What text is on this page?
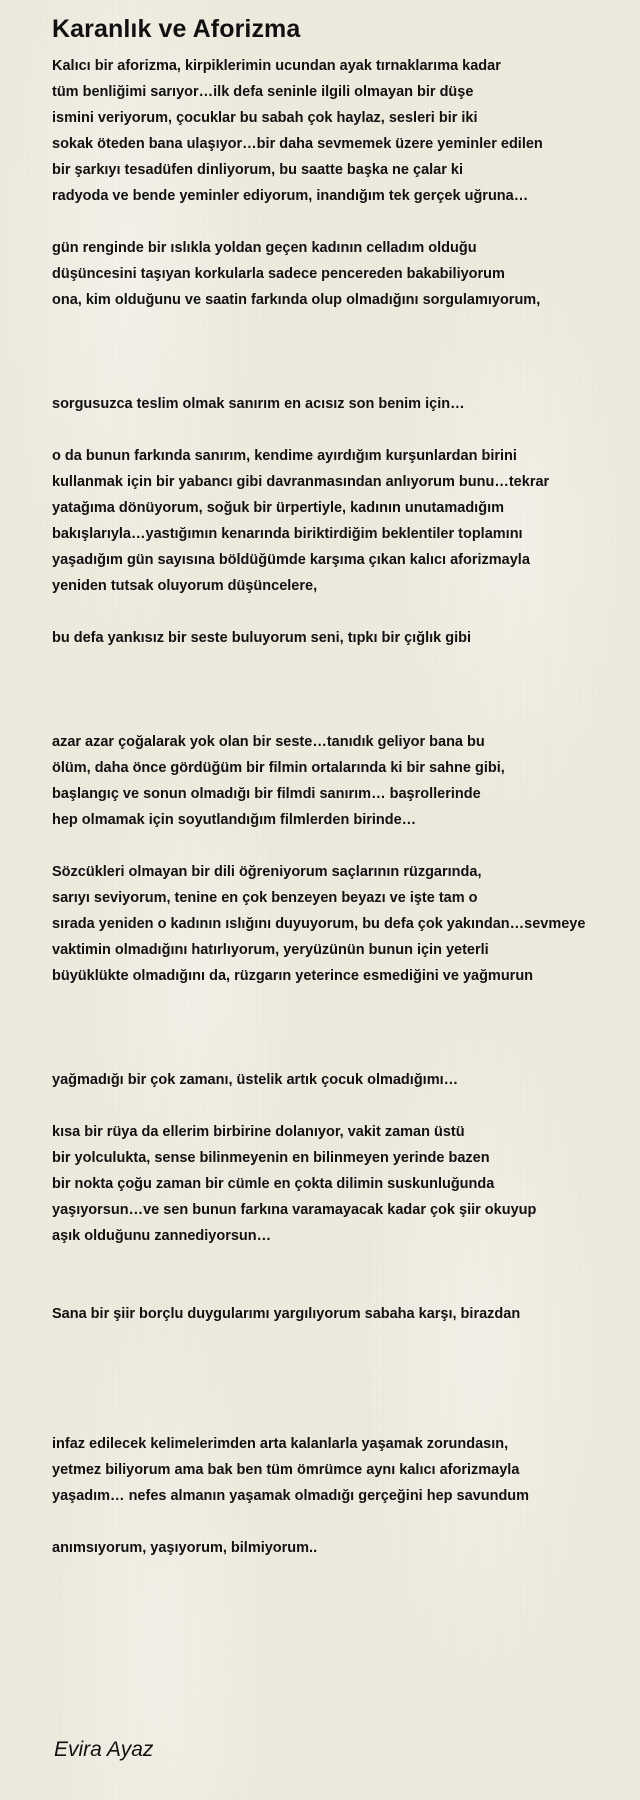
Karanlık ve Aforizma
Kalıcı bir aforizma, kirpiklerimin ucundan ayak tırnaklarıma kadar
tüm benliğimi sarıyor…ilk defa seninle ilgili olmayan bir düşe
ismini veriyorum, çocuklar bu sabah çok haylaz, sesleri bir iki
sokak öteden bana ulaşıyor…bir daha sevmemek üzere yeminler edilen
bir şarkıyı tesadüfen dinliyorum, bu saatte başka ne çalar ki
radyoda ve bende yeminler ediyorum, inandığım tek gerçek uğruna…
gün renginde bir ıslıkla yoldan geçen kadının celladım olduğu
düşüncesini taşıyan korkularla sadece pencereden bakabiliyorum
ona, kim olduğunu ve saatin farkında olup olmadığını sorgulamıyorum,
sorgusuzca teslim olmak sanırım en acısız son benim için…
o da bunun farkında sanırım, kendime ayırdığım kurşunlardan birini
kullanmak için bir yabancı gibi davranmasından anlıyorum bunu…tekrar
yatağıma dönüyorum, soğuk bir ürpertiyle, kadının unutamadığım
bakışlarıyla…yastığımın kenarında biriktirdiğim beklentiler toplamını
yaşadığım gün sayısına böldüğümde karşıma çıkan kalıcı aforizmayla
yeniden tutsak oluyorum düşüncelere,
bu defa yankısız bir seste buluyorum seni, tıpkı bir çığlık gibi
azar azar çoğalarak yok olan bir seste…tanıdık geliyor bana bu
ölüm, daha önce gördüğüm bir filmin ortalarında ki bir sahne gibi,
başlangıç ve sonun olmadığı bir filmdi sanırım… başrollerinde
hep olmamak için soyutlandığım filmlerden birinde…
Sözcükleri olmayan bir dili öğreniyorum saçlarının rüzgarında,
sarıyı seviyorum, tenine en çok benzeyen beyazı ve işte tam o
sırada yeniden o kadının ıslığını duyuyorum, bu defa çok yakından…sevmeye
vaktimin olmadığını hatırlıyorum, yeryüzünün bunun için yeterli
büyüklükte olmadığını da, rüzgarın yeterince esmediğini ve yağmurun
yağmadığı bir çok zamanı, üstelik artık çocuk olmadığımı…
kısa bir rüya da ellerim birbirine dolanıyor, vakit zaman üstü
bir yolculukta, sense bilinmeyenin en bilinmeyen yerinde bazen
bir nokta çoğu zaman bir cümle en çokta dilimin suskunluğunda
yaşıyorsun…ve sen bunun farkına varamayacak kadar çok şiir okuyup
aşık olduğunu zannediyorsun…
Sana bir şiir borçlu duygularımı yargılıyorum sabaha karşı, birazdan
infaz edilecek kelimelerimden arta kalanlarla yaşamak zorundasın,
yetmez biliyorum ama bak ben tüm ömrümce aynı kalıcı aforizmayla
yaşadım… nefes almanın yaşamak olmadığı gerçeğini hep savundum
anımsıyorum, yaşıyorum, bilmiyorum..
Evira Ayaz
